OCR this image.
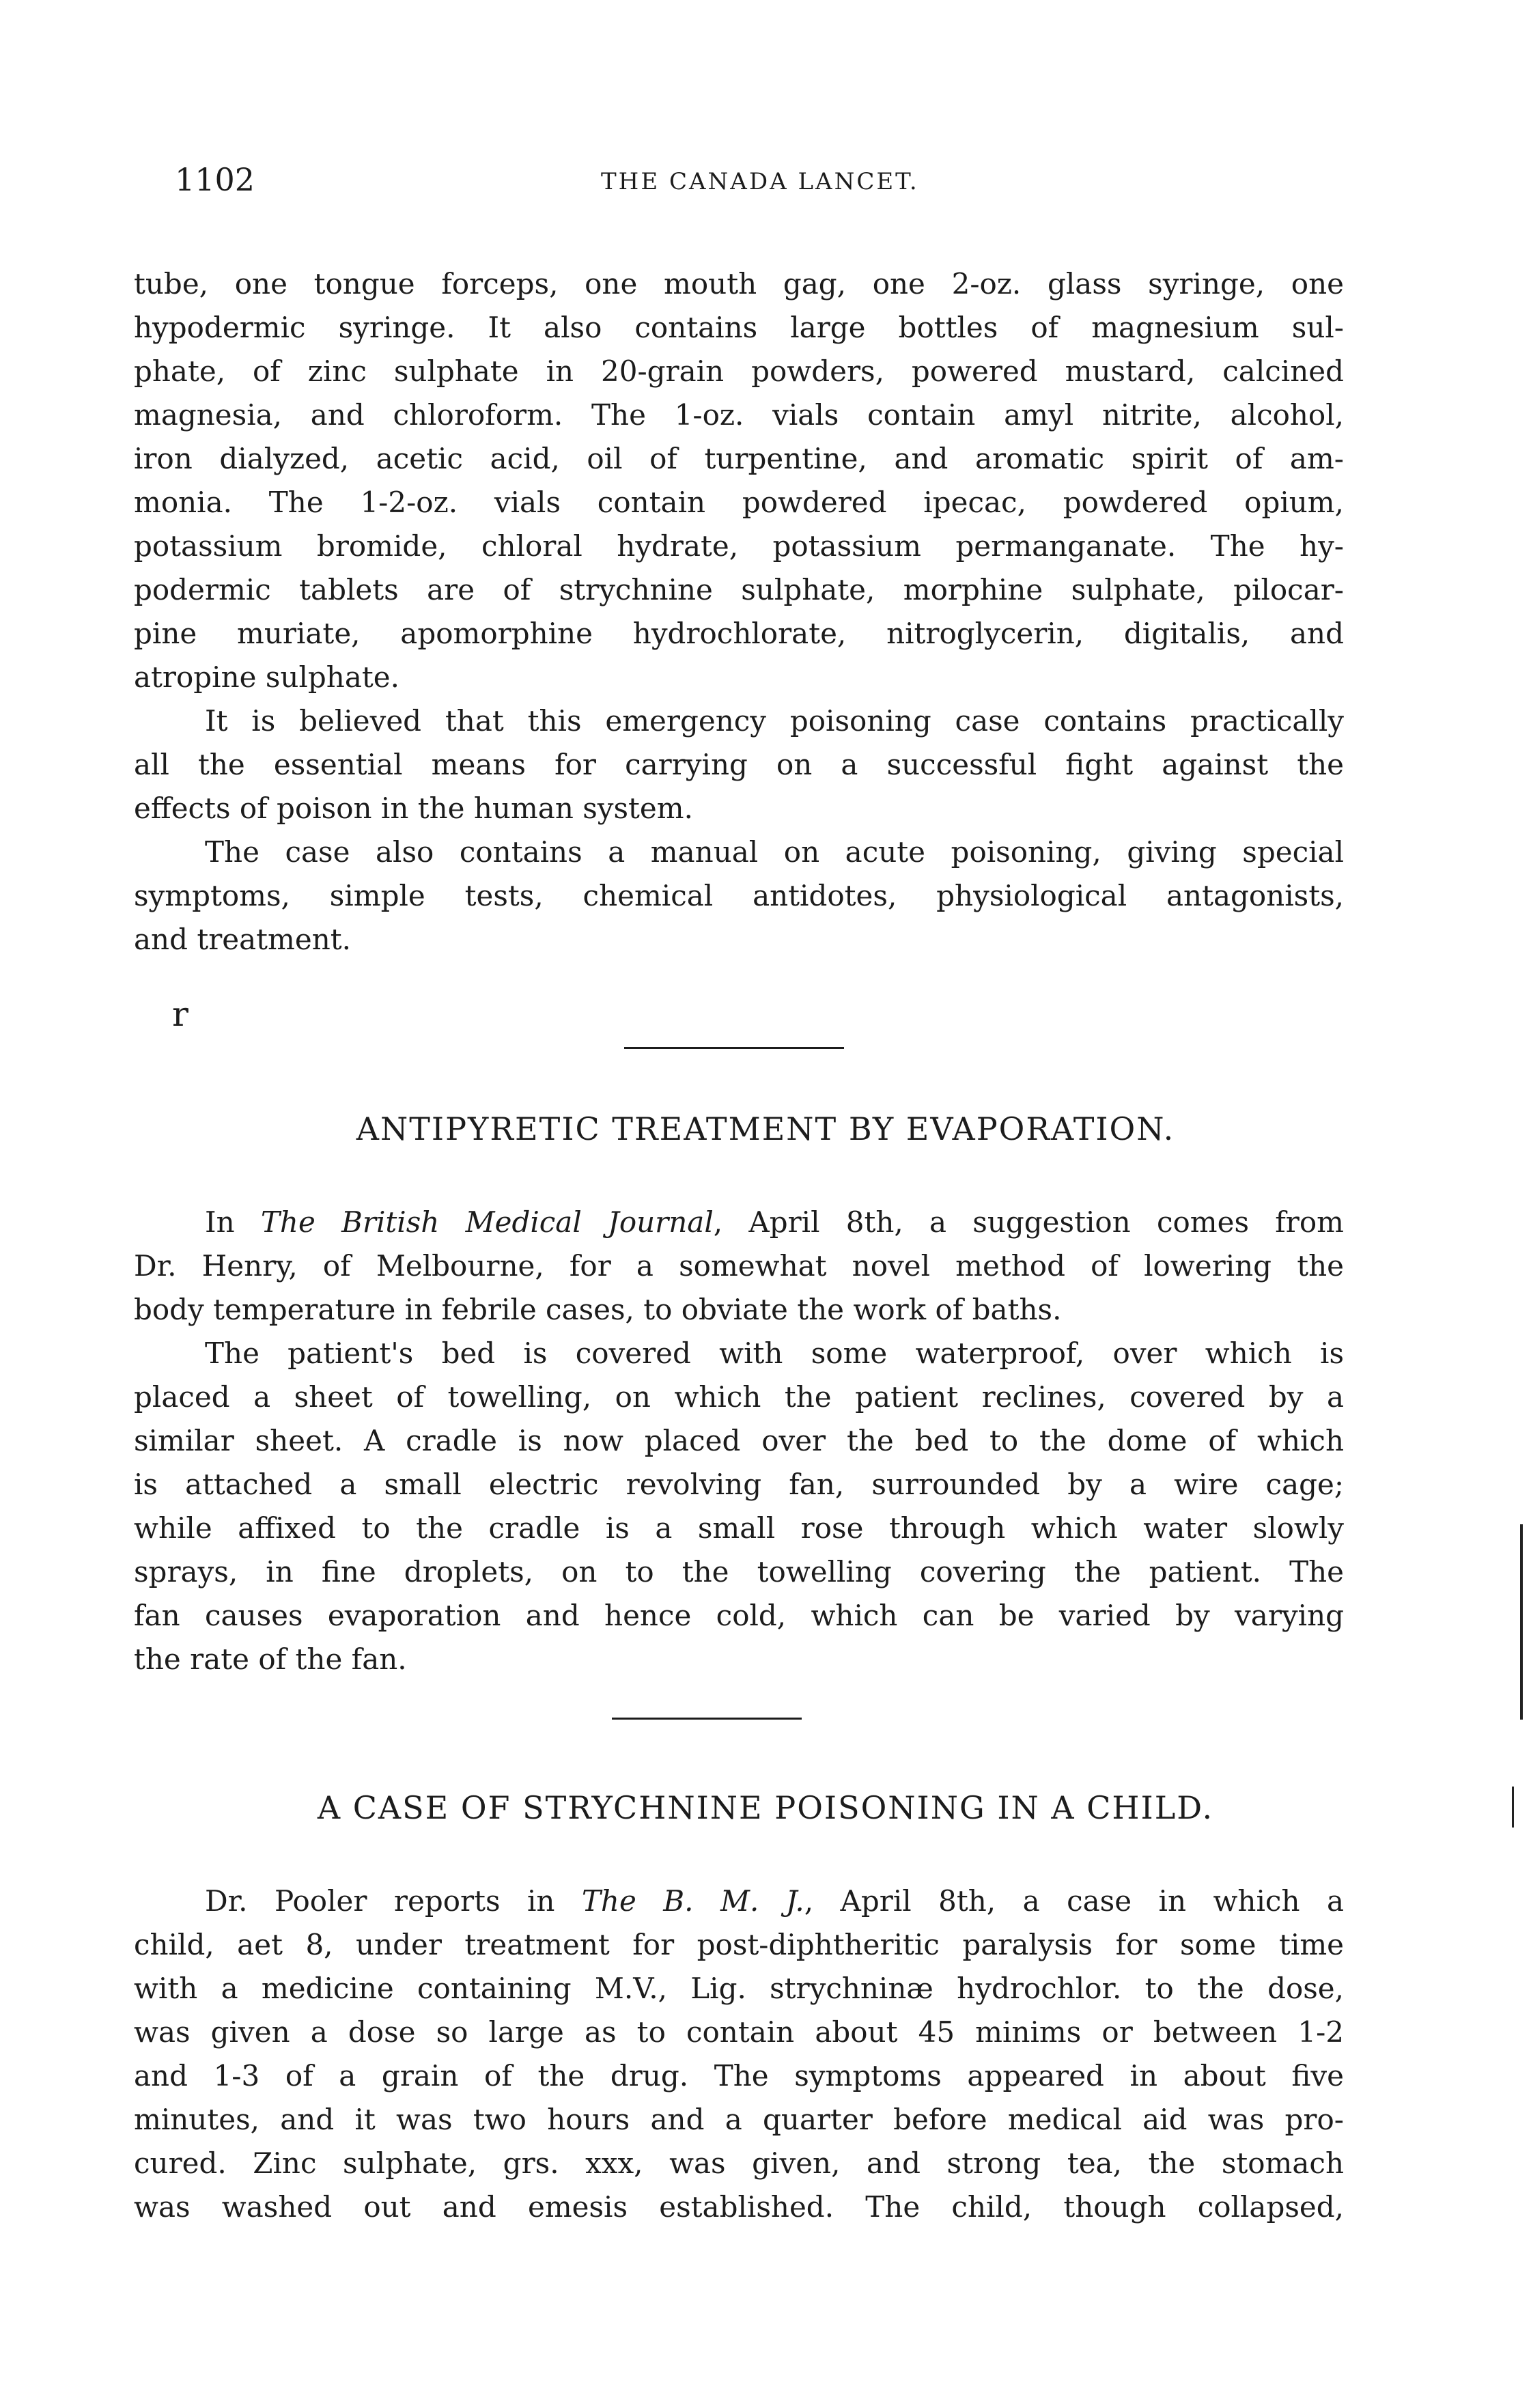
1102	THE CANADA LANCET.
tube, one tongue forceps, one mouth gag, one 2-oz. glass syringe, one
hypodermic syringe. It also contains large bottles of magnesium sul-
phate, of zinc sulphate in 20-grain powders, powered mustard, calcined
magnesia, and chloroform. The 1-oz. vials contain amyl nitrite, alcohol,
iron dialyzed, acetic acid, oil of turpentine, and aromatic spirit of am-
monia. The 1-2-oz. vials contain powdered ipecac, powdered opium,
potassium bromide, chloral hydrate, potassium permanganate. The hy-
podermic tablets are of strychnine sulphate, morphine sulphate, pilocar-
pine muriate, apomorphine hydrochlorate, nitroglycerin, digitalis, and
atropine sulphate.
It is believed that this emergency poisoning case contains practically
all the essential means for carrying on a successful fight against the
effects of poison in the human system.
The case also contains a manual on acute poisoning, giving special
symptoms, simple tests, chemical antidotes, physiological antagonists,
and treatment.
r
ANTIPYRETIC TREATMENT BY EVAPORATION.
In The British Medical Journal, April 8th, a suggestion comes from
Dr. Henry, of Melbourne, for a somewhat novel method of lowering the
body temperature in febrile cases, to obviate the work of baths.
The patient's bed is covered with some waterproof, over which is
placed a sheet of towelling, on which the patient reclines, covered by a
similar sheet. A cradle is now placed over the bed to the dome of which
is attached a small electric revolving fan, surrounded by a wire cage;
while affixed to the cradle is a small rose through which water slowly
sprays, in fine droplets, on to the towelling covering the patient. The
fan causes evaporation and hence cold, which can be varied by varying
the rate of the fan.
A CASE OF STRYCHNINE POISONING IN A CHILD.
Dr. Pooler reports in The B. M. J., April 8th, a case in which a
child, aet 8, under treatment for post-diphtheritic paralysis for some time
with a medicine containing M.V., Lig. strychninæ hydrochlor. to the dose,
was given a dose so large as to contain about 45 minims or between 1-2
and 1-3 of a grain of the drug. The symptoms appeared in about five
minutes, and it was two hours and a quarter before medical aid was pro-
cured. Zinc sulphate, grs. xxx, was given, and strong tea, the stomach
was washed out and emesis established. The child, though collapsed,
